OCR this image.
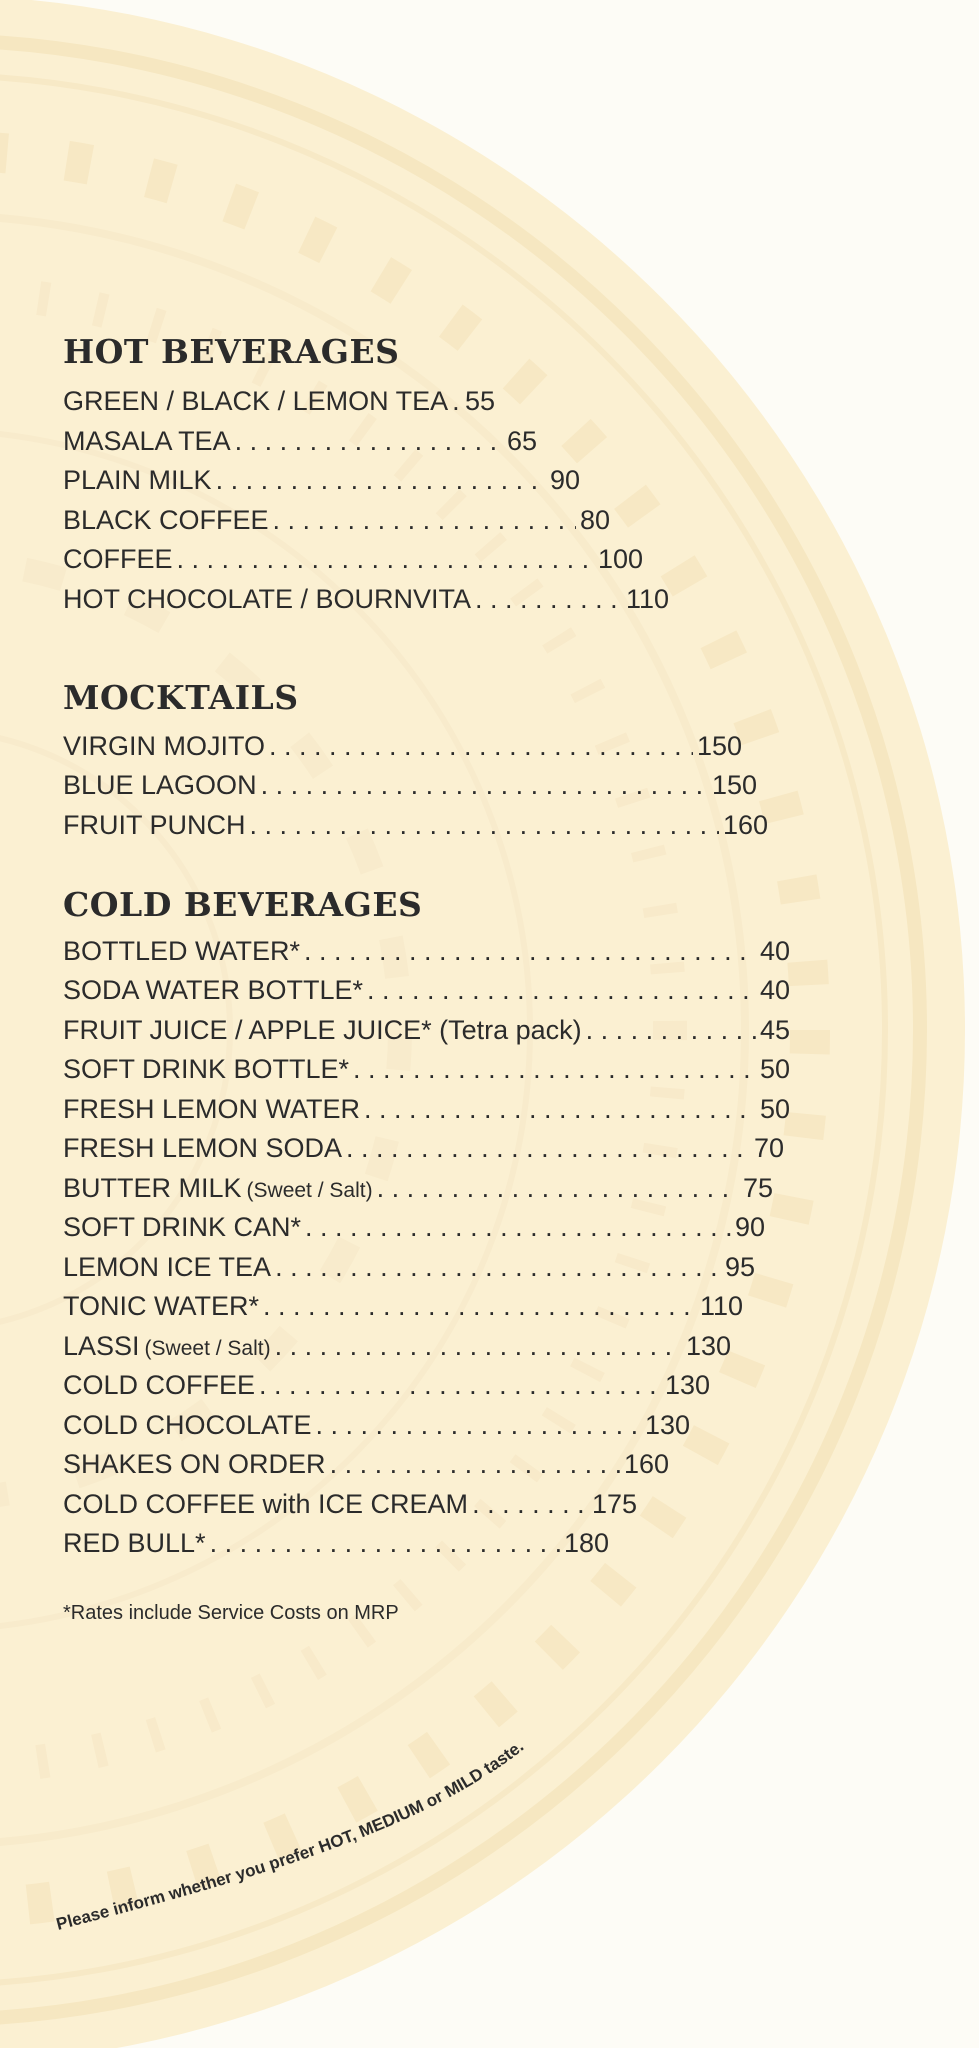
HOT BEVERAGES
GREEN / BLACK / LEMON TEA . . . 55
MASALA TEA . . .	65
PLAIN MILK . . .	90
BLACK COFFEE . . .	80
COFFEE . . .	100
HOT CHOCOLATE / BOURNVITA . . .	110
MOCKTAILS
VIRGIN MOJITO . . .	150
BLUE LAGOON . . .	150
FRUIT PUNCH . . .	160
COLD BEVERAGES
BOTTLED WATER* . . .	40
SODA WATER BOTTLE* . . .	40
FRUIT JUICE / APPLE JUICE* (Tetra pack) . . .	45
SOFT DRINK BOTTLE* . . .	50
FRESH LEMON WATER . . .	50
FRESH LEMON SODA . . .	70
BUTTER MILK (Sweet / Salt) . . .	75
SOFT DRINK CAN* . . .	90
LEMON ICE TEA . . .	95
TONIC WATER* . . .	110
LASSI (Sweet / Salt) . . .	130
COLD COFFEE . . .	130
COLD CHOCOLATE . . .	130
SHAKES ON ORDER . . .	160
COLD COFFEE with ICE CREAM . . .	175
RED BULL* . . .	180
*Rates include Service Costs on MRP
Please inform whether you prefer HOT, MEDIUM or MILD taste.
